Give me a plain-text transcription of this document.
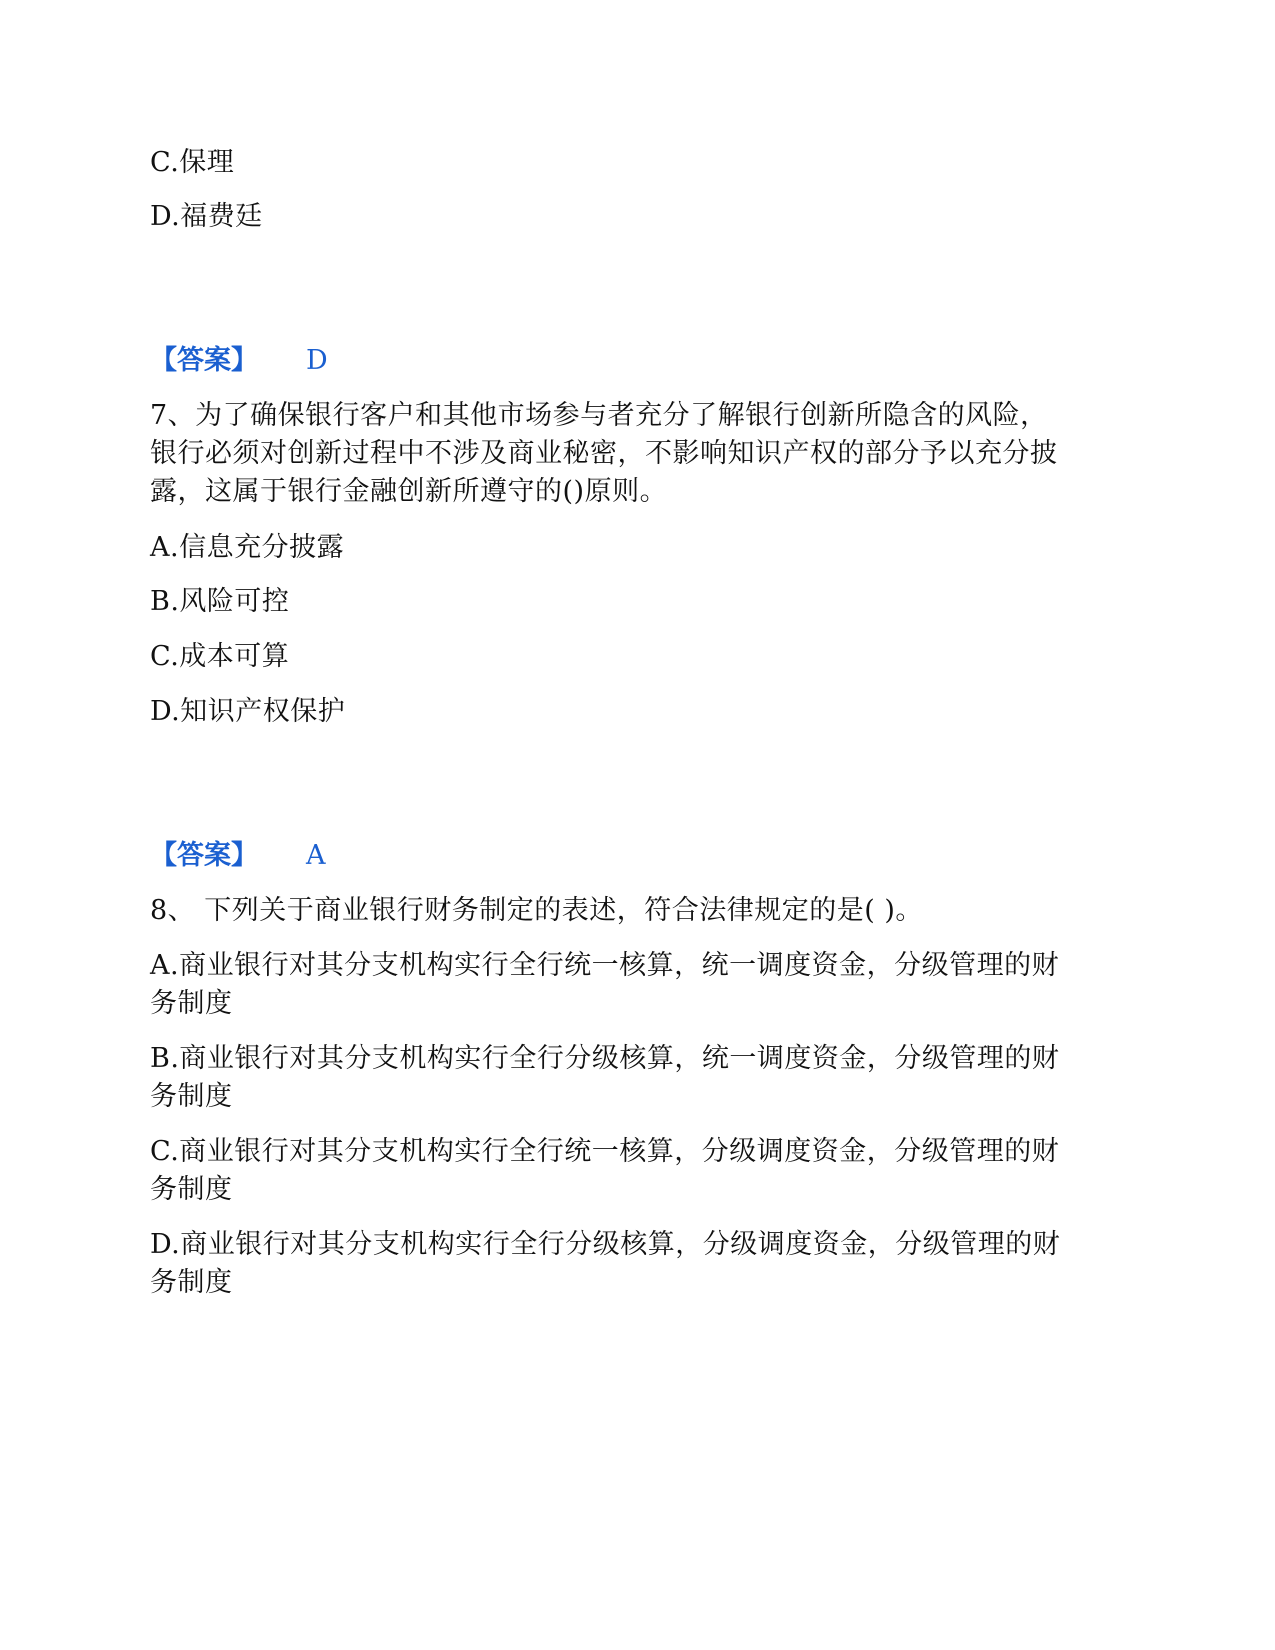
C.保理
D.福费廷
【答案】 D
7、为了确保银行客户和其他市场参与者充分了解银行创新所隐含的风险，
银行必须对创新过程中不涉及商业秘密，不影响知识产权的部分予以充分披
露，这属于银行金融创新所遵守的()原则。
A.信息充分披露
B.风险可控
C.成本可算
D.知识产权保护
【答案】 A
8、 下列关于商业银行财务制定的表述，符合法律规定的是( )。
A.商业银行对其分支机构实行全行统一核算，统一调度资金，分级管理的财
务制度
B.商业银行对其分支机构实行全行分级核算，统一调度资金，分级管理的财
务制度
C.商业银行对其分支机构实行全行统一核算，分级调度资金，分级管理的财
务制度
D.商业银行对其分支机构实行全行分级核算，分级调度资金，分级管理的财
务制度
